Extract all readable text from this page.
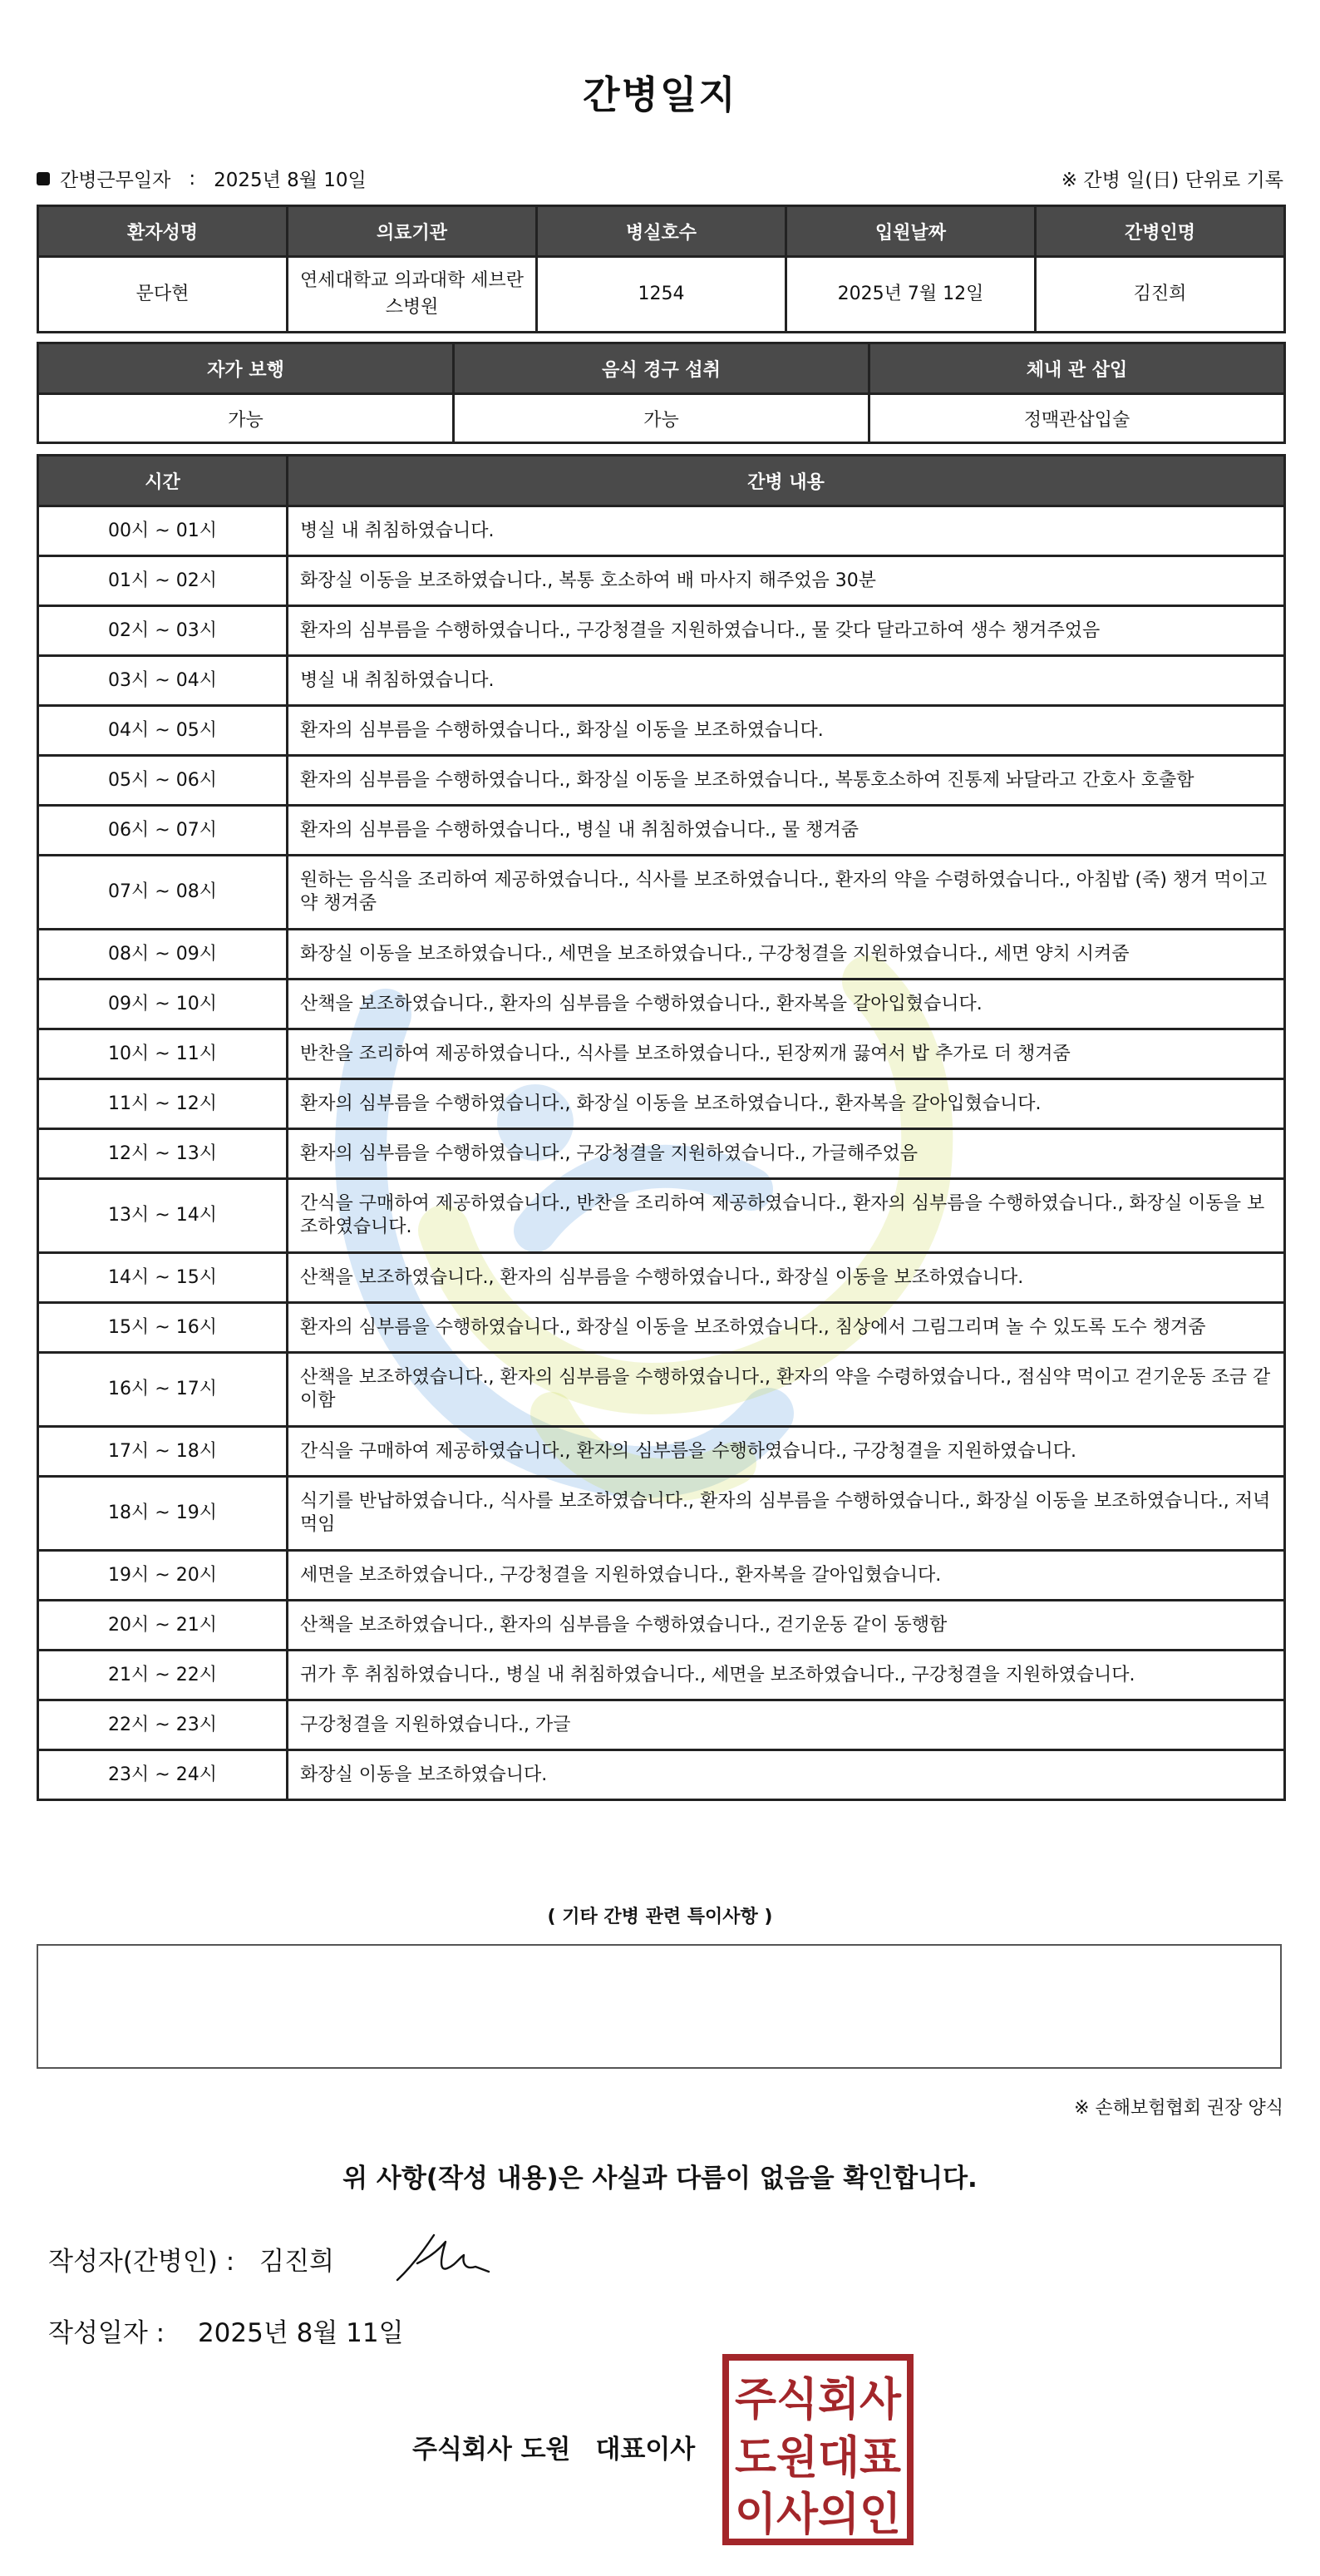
간병일지
간병근무일자 : 2025년 8월 10일	※ 간병 일(日) 단위로 기록
환자성명	의료기관	병실호수	입원날짜	간병인명
문다현	연세대학교 의과대학 세브란스병원	1254	2025년 7월 12일	김진희
자가 보행	음식 경구 섭취	체내 관 삽입
가능	가능	정맥관삽입술
시간	간병 내용
00시 ~ 01시	병실 내 취침하였습니다.
01시 ~ 02시	화장실 이동을 보조하였습니다., 복통 호소하여 배 마사지 해주었음 30분
02시 ~ 03시	환자의 심부름을 수행하였습니다., 구강청결을 지원하였습니다., 물 갖다 달라고하여 생수 챙겨주었음
03시 ~ 04시	병실 내 취침하였습니다.
04시 ~ 05시	환자의 심부름을 수행하였습니다., 화장실 이동을 보조하였습니다.
05시 ~ 06시	환자의 심부름을 수행하였습니다., 화장실 이동을 보조하였습니다., 복통호소하여 진통제 놔달라고 간호사 호출함
06시 ~ 07시	환자의 심부름을 수행하였습니다., 병실 내 취침하였습니다., 물 챙겨줌
07시 ~ 08시	원하는 음식을 조리하여 제공하였습니다., 식사를 보조하였습니다., 환자의 약을 수령하였습니다., 아침밥 (죽) 챙겨 먹이고 약 챙겨줌
08시 ~ 09시	화장실 이동을 보조하였습니다., 세면을 보조하였습니다., 구강청결을 지원하였습니다., 세면 양치 시켜줌
09시 ~ 10시	산책을 보조하였습니다., 환자의 심부름을 수행하였습니다., 환자복을 갈아입혔습니다.
10시 ~ 11시	반찬을 조리하여 제공하였습니다., 식사를 보조하였습니다., 된장찌개 끓여서 밥 추가로 더 챙겨줌
11시 ~ 12시	환자의 심부름을 수행하였습니다., 화장실 이동을 보조하였습니다., 환자복을 갈아입혔습니다.
12시 ~ 13시	환자의 심부름을 수행하였습니다., 구강청결을 지원하였습니다., 가글해주었음
13시 ~ 14시	간식을 구매하여 제공하였습니다., 반찬을 조리하여 제공하였습니다., 환자의 심부름을 수행하였습니다., 화장실 이동을 보조하였습니다.
14시 ~ 15시	산책을 보조하였습니다., 환자의 심부름을 수행하였습니다., 화장실 이동을 보조하였습니다.
15시 ~ 16시	환자의 심부름을 수행하였습니다., 화장실 이동을 보조하였습니다., 침상에서 그림그리며 놀 수 있도록 도수 챙겨줌
16시 ~ 17시	산책을 보조하였습니다., 환자의 심부름을 수행하였습니다., 환자의 약을 수령하였습니다., 점심약 먹이고 걷기운동 조금 같이함
17시 ~ 18시	간식을 구매하여 제공하였습니다., 환자의 심부름을 수행하였습니다., 구강청결을 지원하였습니다.
18시 ~ 19시	식기를 반납하였습니다., 식사를 보조하였습니다., 환자의 심부름을 수행하였습니다., 화장실 이동을 보조하였습니다., 저녁 먹임
19시 ~ 20시	세면을 보조하였습니다., 구강청결을 지원하였습니다., 환자복을 갈아입혔습니다.
20시 ~ 21시	산책을 보조하였습니다., 환자의 심부름을 수행하였습니다., 걷기운동 같이 동행함
21시 ~ 22시	귀가 후 취침하였습니다., 병실 내 취침하였습니다., 세면을 보조하였습니다., 구강청결을 지원하였습니다.
22시 ~ 23시	구강청결을 지원하였습니다., 가글
23시 ~ 24시	화장실 이동을 보조하였습니다.
( 기타 간병 관련 특이사항 )
※ 손해보험협회 권장 양식
위 사항(작성 내용)은 사실과 다름이 없음을 확인합니다.
작성자(간병인) : 김진희
작성일자 : 2025년 8월 11일
주식회사 도원 대표이사
주식회사
도원대표
이사의인
